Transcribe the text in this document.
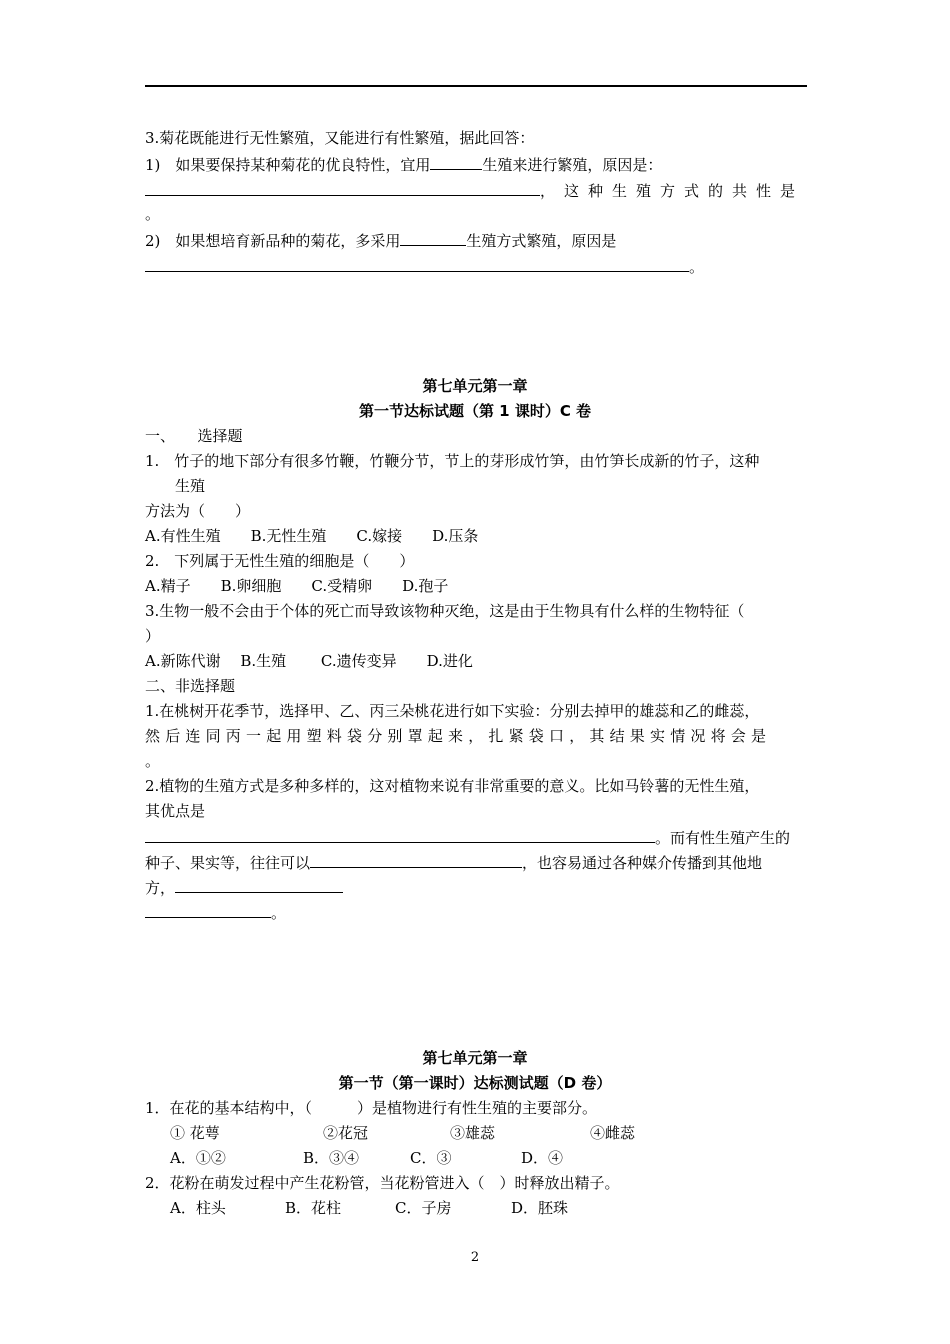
3.菊花既能进行无性繁殖，又能进行有性繁殖，据此回答：
1)　如果要保持某种菊花的优良特性，宜用	生殖来进行繁殖，原因是：
，这种生殖方式的共性是
。
2)　如果想培育新品种的菊花，多采用	生殖方式繁殖，原因是
。
第七单元第一章
第一节达标试题（第 1 课时）C 卷
一、　　选择题
1.　竹子的地下部分有很多竹鞭，竹鞭分节，节上的芽形成竹笋，由竹笋长成新的竹子，这种
生殖
方法为（　　）
A.有性生殖　　B.无性生殖　　C.嫁接　　D.压条
2.　下列属于无性生殖的细胞是（　　）
A.精子　　B.卵细胞　　C.受精卵　　D.孢子
3.生物一般不会由于个体的死亡而导致该物种灭绝，这是由于生物具有什么样的生物特征（
）
A.新陈代谢　 B.生殖　　 C.遗传变异　　D.进化
二、非选择题
1.在桃树开花季节，选择甲、乙、丙三朵桃花进行如下实验：分别去掉甲的雄蕊和乙的雌蕊，
然后连同丙一起用塑料袋分别罩起来，扎紧袋口，其结果实情况将会是
。
2.植物的生殖方式是多种多样的，这对植物来说有非常重要的意义。比如马铃薯的无性生殖，
其优点是
。而有性生殖产生的
种子、果实等，往往可以	，也容易通过各种媒介传播到其他地
方，
。
第七单元第一章
第一节（第一课时）达标测试题（D 卷）
1．在花的基本结构中，（　　　）是植物进行有性生殖的主要部分。
① 花萼	②花冠	③雄蕊	④雌蕊
A．①②	B．③④	C．③	D．④
2．花粉在萌发过程中产生花粉管，当花粉管进入（　）时释放出精子。
A．柱头	B．花柱	C．子房	D．胚珠
2
